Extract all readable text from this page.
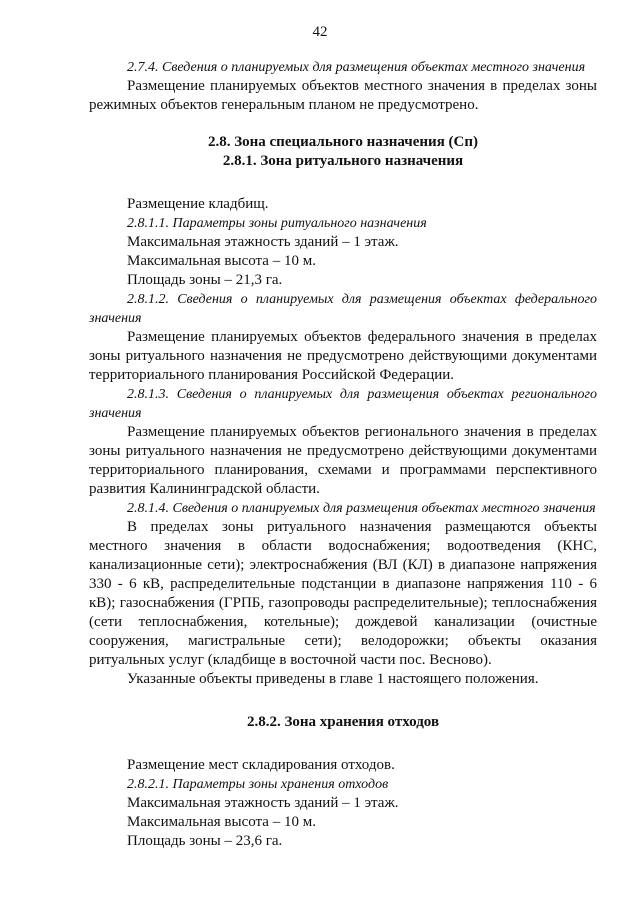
42

2.7.4. Сведения о планируемых для размещения объектах местного значения

Размещение планируемых объектов местного значения в пределах зоны режимных объектов генеральным планом не предусмотрено.

2.8. Зона специального назначения (Сп)

2.8.1. Зона ритуального назначения

Размещение кладбищ.

2.8.1.1. Параметры зоны ритуального назначения

Максимальная этажность зданий – 1 этаж.

Максимальная высота – 10 м.

Площадь зоны – 21,3 га.

2.8.1.2. Сведения о планируемых для размещения объектах федерального значения

Размещение планируемых объектов федерального значения в пределах зоны ритуального назначения не предусмотрено действующими документами территориального планирования Российской Федерации.

2.8.1.3. Сведения о планируемых для размещения объектах регионального значения

Размещение планируемых объектов регионального значения в пределах зоны ритуального назначения не предусмотрено действующими документами территориального планирования, схемами и программами перспективного развития Калининградской области.

2.8.1.4. Сведения о планируемых для размещения объектах местного значения

В пределах зоны ритуального назначения размещаются объекты местного значения в области водоснабжения; водоотведения (КНС, канализационные сети); электроснабжения (ВЛ (КЛ) в диапазоне напряжения 330 - 6 кВ, распределительные подстанции в диапазоне напряжения 110 - 6 кВ); газоснабжения (ГРПБ, газопроводы распределительные); теплоснабжения (сети теплоснабжения, котельные); дождевой канализации (очистные сооружения, магистральные сети); велодорожки; объекты оказания ритуальных услуг (кладбище в восточной части пос. Весново).

Указанные объекты приведены в главе 1 настоящего положения.

2.8.2. Зона хранения отходов

Размещение мест складирования отходов.

2.8.2.1. Параметры зоны хранения отходов

Максимальная этажность зданий – 1 этаж.

Максимальная высота – 10 м.

Площадь зоны – 23,6 га.
